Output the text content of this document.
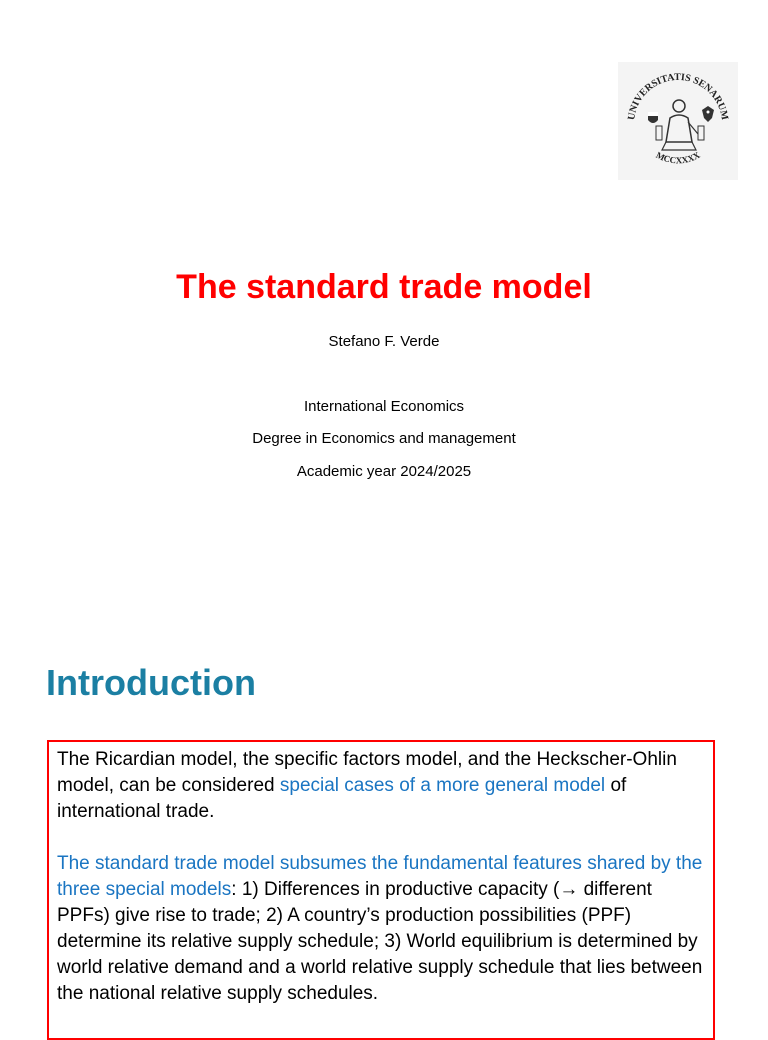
UNIVERSITATIS SENARUM
MCCXXXX
The standard trade model
Stefano F. Verde
International Economics
Degree in Economics and management
Academic year 2024/2025
Introduction

The Ricardian model, the specific factors model, and the Heckscher-Ohlin model, can be considered special cases of a more general model of international trade.

The standard trade model subsumes the fundamental features shared by the three special models: 1) Differences in productive capacity (→ different PPFs) give rise to trade; 2) A country’s production possibilities (PPF) determine its relative supply schedule; 3) World equilibrium is determined by world relative demand and a world relative supply schedule that lies between the national relative supply schedules.
